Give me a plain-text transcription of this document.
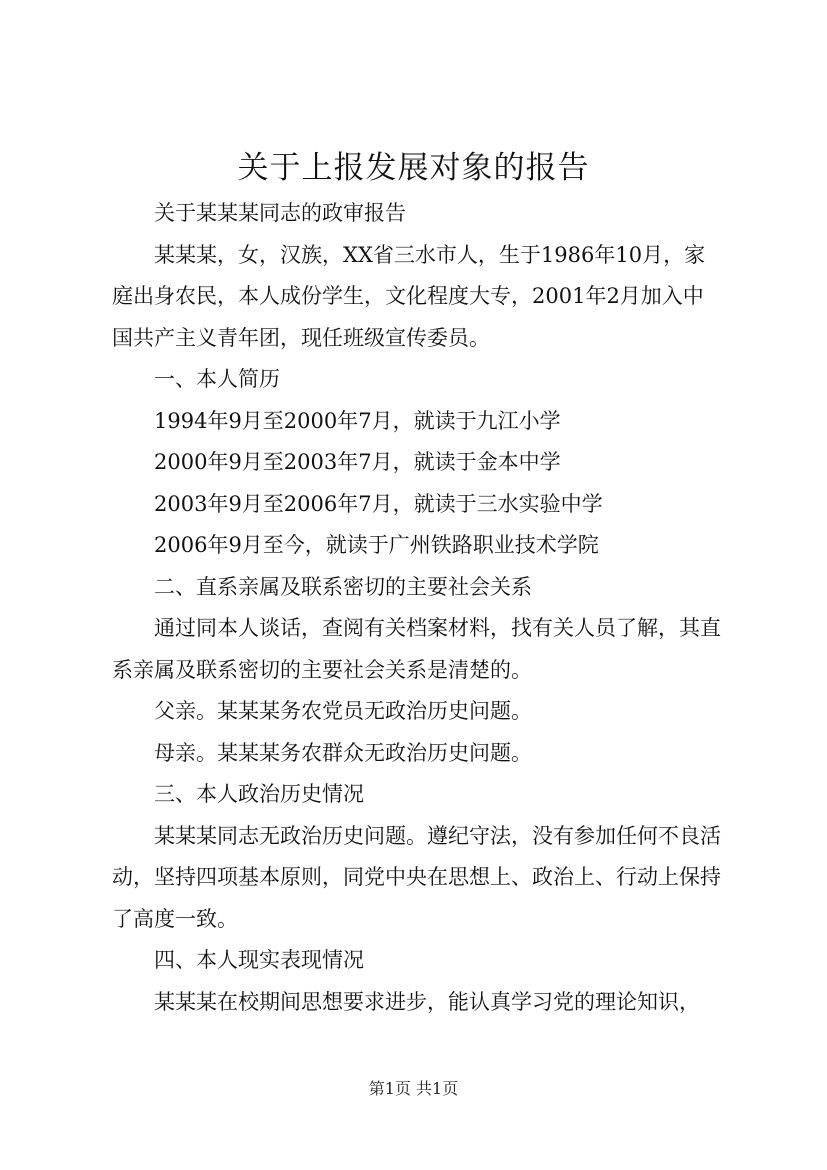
关于上报发展对象的报告

关于某某某同志的政审报告

某某某，女，汉族，XX省三水市人，生于1986年10月，家庭出身农民，本人成份学生，文化程度大专，2001年2月加入中国共产主义青年团，现任班级宣传委员。

一、本人简历

1994年9月至2000年7月，就读于九江小学

2000年9月至2003年7月，就读于金本中学

2003年9月至2006年7月，就读于三水实验中学

2006年9月至今，就读于广州铁路职业技术学院

二、直系亲属及联系密切的主要社会关系

通过同本人谈话，查阅有关档案材料，找有关人员了解，其直系亲属及联系密切的主要社会关系是清楚的。

父亲。某某某务农党员无政治历史问题。

母亲。某某某务农群众无政治历史问题。

三、本人政治历史情况

某某某同志无政治历史问题。遵纪守法，没有参加任何不良活动，坚持四项基本原则，同党中央在思想上、政治上、行动上保持了高度一致。

四、本人现实表现情况

某某某在校期间思想要求进步，能认真学习党的理论知识，

第1页 共1页
